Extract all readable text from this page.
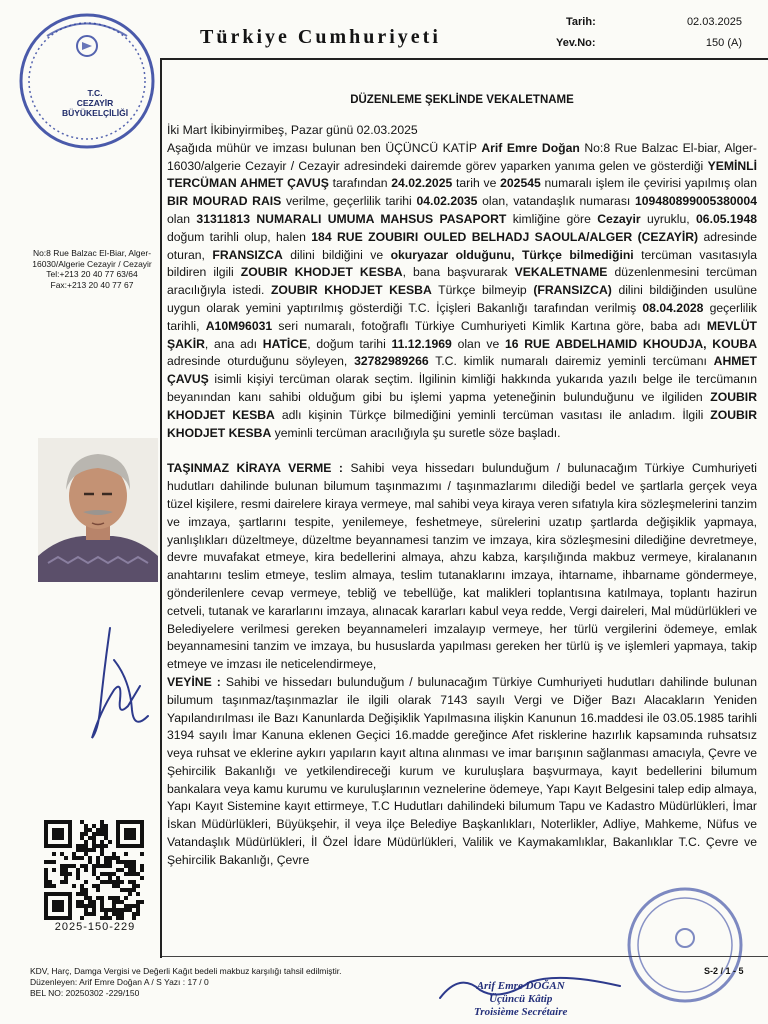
Türkiye Cumhuriyeti
Tarih:	02.03.2025
Yev.No:	150 (A)
T.C.
CEZAYİR
BÜYÜKELÇİLİĞİ
No:8 Rue Balzac El-Biar, Alger-16030/Algerie Cezayir / Cezayir
Tel:+213 20 40 77 63/64
Fax:+213 20 40 77 67
2025-150-229
DÜZENLEME ŞEKLİNDE VEKALETNAME

İki Mart İkibinyirmibeş, Pazar günü 02.03.2025

Aşağıda mühür ve imzası bulunan ben ÜÇÜNCÜ KATİP Arif Emre Doğan No:8 Rue Balzac El-biar, Alger-16030/algerie Cezayir / Cezayir adresindeki dairemde görev yaparken yanıma gelen ve gösterdiği YEMİNLİ TERCÜMAN AHMET ÇAVUŞ tarafından 24.02.2025 tarih ve 202545 numaralı işlem ile çevirisi yapılmış olan BIR MOURAD RAIS verilme, geçerlilik tarihi 04.02.2035 olan, vatandaşlık numarası 109480899005380004 olan 31311813 NUMARALI UMUMA MAHSUS PASAPORT kimliğine göre Cezayir uyruklu, 06.05.1948 doğum tarihli olup, halen 184 RUE ZOUBIRI OULED BELHADJ SAOULA/ALGER (CEZAYİR) adresinde oturan, FRANSIZCA dilini bildiğini ve okuryazar olduğunu, Türkçe bilmediğini tercüman vasıtasıyla bildiren ilgili ZOUBIR KHODJET KESBA, bana başvurarak VEKALETNAME düzenlenmesini tercüman aracılığıyla istedi. ZOUBIR KHODJET KESBA Türkçe bilmeyip (FRANSIZCA) dilini bildiğinden usulüne uygun olarak yemini yaptırılmış gösterdiği T.C. İçişleri Bakanlığı tarafından verilmiş 08.04.2028 geçerlilik tarihli, A10M96031 seri numaralı, fotoğraflı Türkiye Cumhuriyeti Kimlik Kartına göre, baba adı MEVLÜT ŞAKİR, ana adı HATİCE, doğum tarihi 11.12.1969 olan ve 16 RUE ABDELHAMID KHOUDJA, KOUBA adresinde oturduğunu söyleyen, 32782989266 T.C. kimlik numaralı dairemiz yeminli tercümanı AHMET ÇAVUŞ isimli kişiyi tercüman olarak seçtim. İlgilinin kimliği hakkında yukarıda yazılı belge ile tercümanın beyanından kanı sahibi olduğum gibi bu işlemi yapma yeteneğinin bulunduğunu ve ilgiliden ZOUBIR KHODJET KESBA adlı kişinin Türkçe bilmediğini yeminli tercüman vasıtası ile anladım. İlgili ZOUBIR KHODJET KESBA yeminli tercüman aracılığıyla şu suretle söze başladı.

TAŞINMAZ KİRAYA VERME : Sahibi veya hissedarı bulunduğum / bulunacağım Türkiye Cumhuriyeti hudutları dahilinde bulunan bilumum taşınmazımı / taşınmazlarımı dilediği bedel ve şartlarla gerçek veya tüzel kişilere, resmi dairelere kiraya vermeye, mal sahibi veya kiraya veren sıfatıyla kira sözleşmelerini tanzim ve imzaya, şartlarını tespite, yenilemeye, feshetmeye, sürelerini uzatıp şartlarda değişiklik yapmaya, yanlışlıkları düzeltmeye, düzeltme beyannamesi tanzim ve imzaya, kira sözleşmesini dilediğine devretmeye, devre muvafakat etmeye, kira bedellerini almaya, ahzu kabza, karşılığında makbuz vermeye, kiralananın anahtarını teslim etmeye, teslim almaya, teslim tutanaklarını imzaya, ihtarname, ihbarname göndermeye, gönderilenlere cevap vermeye, tebliğ ve tebellüğe, kat malikleri toplantısına katılmaya, toplantı hazirun cetveli, tutanak ve kararlarını imzaya, alınacak kararları kabul veya redde, Vergi daireleri, Mal müdürlükleri ve Belediyelere verilmesi gereken beyannameleri imzalayıp vermeye, her türlü vergilerini ödemeye, emlak beyannamesini tanzim ve imzaya, bu hususlarda yapılması gereken her türlü iş ve işlemleri yapmaya, takip etmeye ve imzası ile neticelendirmeye,

VEYİNE : Sahibi ve hissedarı bulunduğum / bulunacağım Türkiye Cumhuriyeti hudutları dahilinde bulunan bilumum taşınmaz/taşınmazlar ile ilgili olarak 7143 sayılı Vergi ve Diğer Bazı Alacakların Yeniden Yapılandırılması ile Bazı Kanunlarda Değişiklik Yapılmasına ilişkin Kanunun 16.maddesi ile 03.05.1985 tarihli 3194 sayılı İmar Kanuna eklenen Geçici 16.madde gereğince Afet risklerine hazırlık kapsamında ruhsatsız veya ruhsat ve eklerine aykırı yapıların kayıt altına alınması ve imar barışının sağlanması amacıyla, Çevre ve Şehircilik Bakanlığı ve yetkilendireceği kurum ve kuruluşlara başvurmaya, kayıt bedellerini bilumum bankalara veya kamu kurumu ve kuruluşlarının veznelerine ödemeye, Yapı Kayıt Belgesini talep edip almaya, Yapı Kayıt Sistemine kayıt ettirmeye, T.C Hudutları dahilindeki bilumum Tapu ve Kadastro Müdürlükleri, İmar İskan Müdürlükleri, Büyükşehir, il veya ilçe Belediye Başkanlıkları, Noterlikler, Adliye, Mahkeme, Nüfus ve Vatandaşlık Müdürlükleri, İl Özel İdare Müdürlükleri, Valilik ve Kaymakamlıklar, Bakanlıklar T.C. Çevre ve Şehircilik Bakanlığı, Çevre

KDV, Harç, Damga Vergisi ve Değerli Kağıt bedeli makbuz karşılığı tahsil edilmiştir.
Düzenleyen: Arif Emre Doğan A / S Yazı : 17 / 0
BEL NO: 20250302 -229/150
S-2 / 1 - 5
Arif Emre DOĞAN
Üçüncü Kâtip
Troisième Secrétaire
